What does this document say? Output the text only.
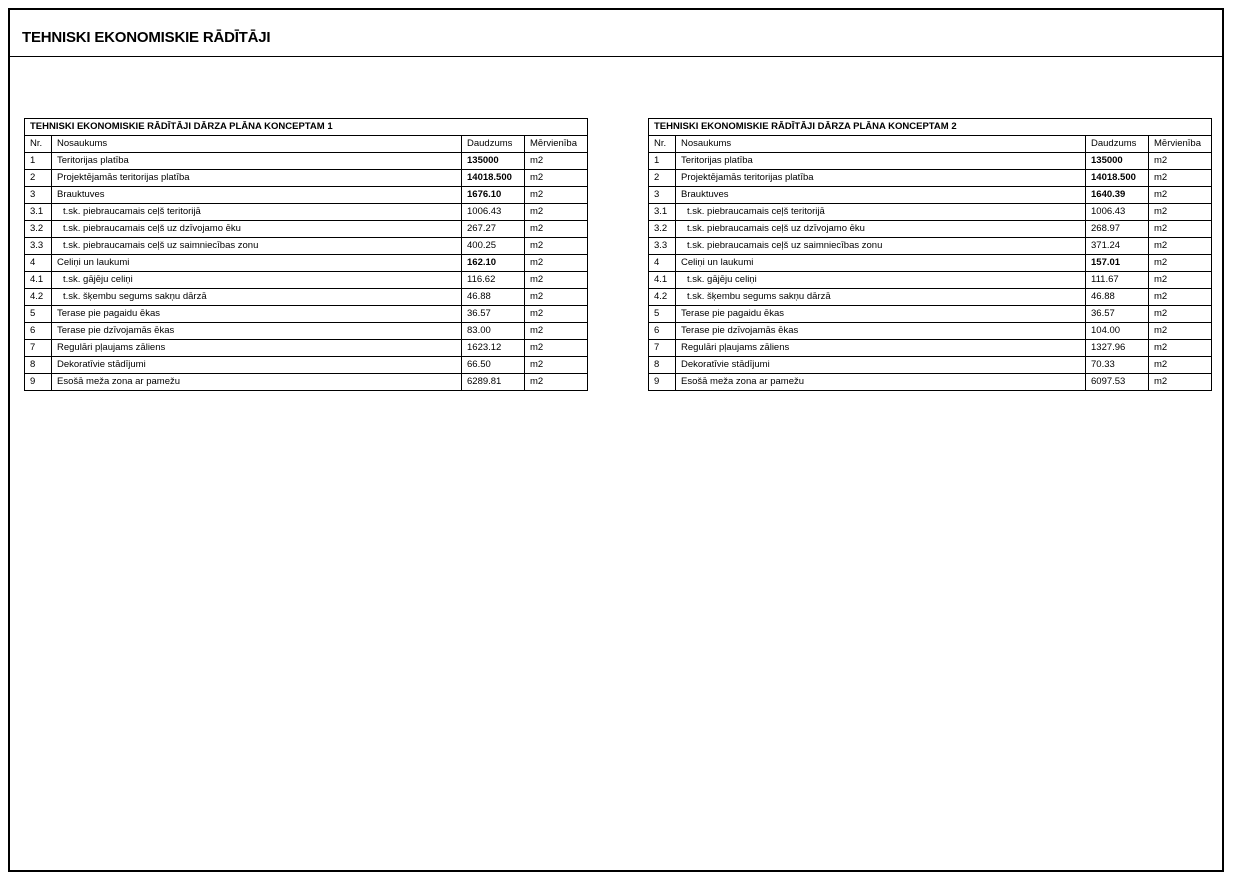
TEHNISKI EKONOMISKIE RĀDĪTĀJI
TEHNISKI EKONOMISKIE RĀDĪTĀJI DĀRZA PLĀNA KONCEPTAM 1			
Nr.	Nosaukums	Daudzums	Mērvienība
1	Teritorijas platība	135000	m2
2	Projektējamās teritorijas platība	14018.500	m2
3	Brauktuves	1676.10	m2
3.1	t.sk. piebraucamais ceļš teritorijā	1006.43	m2
3.2	t.sk. piebraucamais ceļš uz dzīvojamo ēku	267.27	m2
3.3	t.sk. piebraucamais ceļš uz saimniecības zonu	400.25	m2
4	Celiņi un laukumi	162.10	m2
4.1	t.sk. gājēju celiņi	116.62	m2
4.2	t.sk. šķembu segums sakņu dārzā	46.88	m2
5	Terase pie pagaidu ēkas	36.57	m2
6	Terase pie dzīvojamās ēkas	83.00	m2
7	Regulāri pļaujams zāliens	1623.12	m2
8	Dekoratīvie stādījumi	66.50	m2
9	Esošā meža zona ar pamežu	6289.81	m2
TEHNISKI EKONOMISKIE RĀDĪTĀJI DĀRZA PLĀNA KONCEPTAM 2			
Nr.	Nosaukums	Daudzums	Mērvienība
1	Teritorijas platība	135000	m2
2	Projektējamās teritorijas platība	14018.500	m2
3	Brauktuves	1640.39	m2
3.1	t.sk. piebraucamais ceļš teritorijā	1006.43	m2
3.2	t.sk. piebraucamais ceļš uz dzīvojamo ēku	268.97	m2
3.3	t.sk. piebraucamais ceļš uz saimniecības zonu	371.24	m2
4	Celiņi un laukumi	157.01	m2
4.1	t.sk. gājēju celiņi	111.67	m2
4.2	t.sk. šķembu segums sakņu dārzā	46.88	m2
5	Terase pie pagaidu ēkas	36.57	m2
6	Terase pie dzīvojamās ēkas	104.00	m2
7	Regulāri pļaujams zāliens	1327.96	m2
8	Dekoratīvie stādījumi	70.33	m2
9	Esošā meža zona ar pamežu	6097.53	m2
